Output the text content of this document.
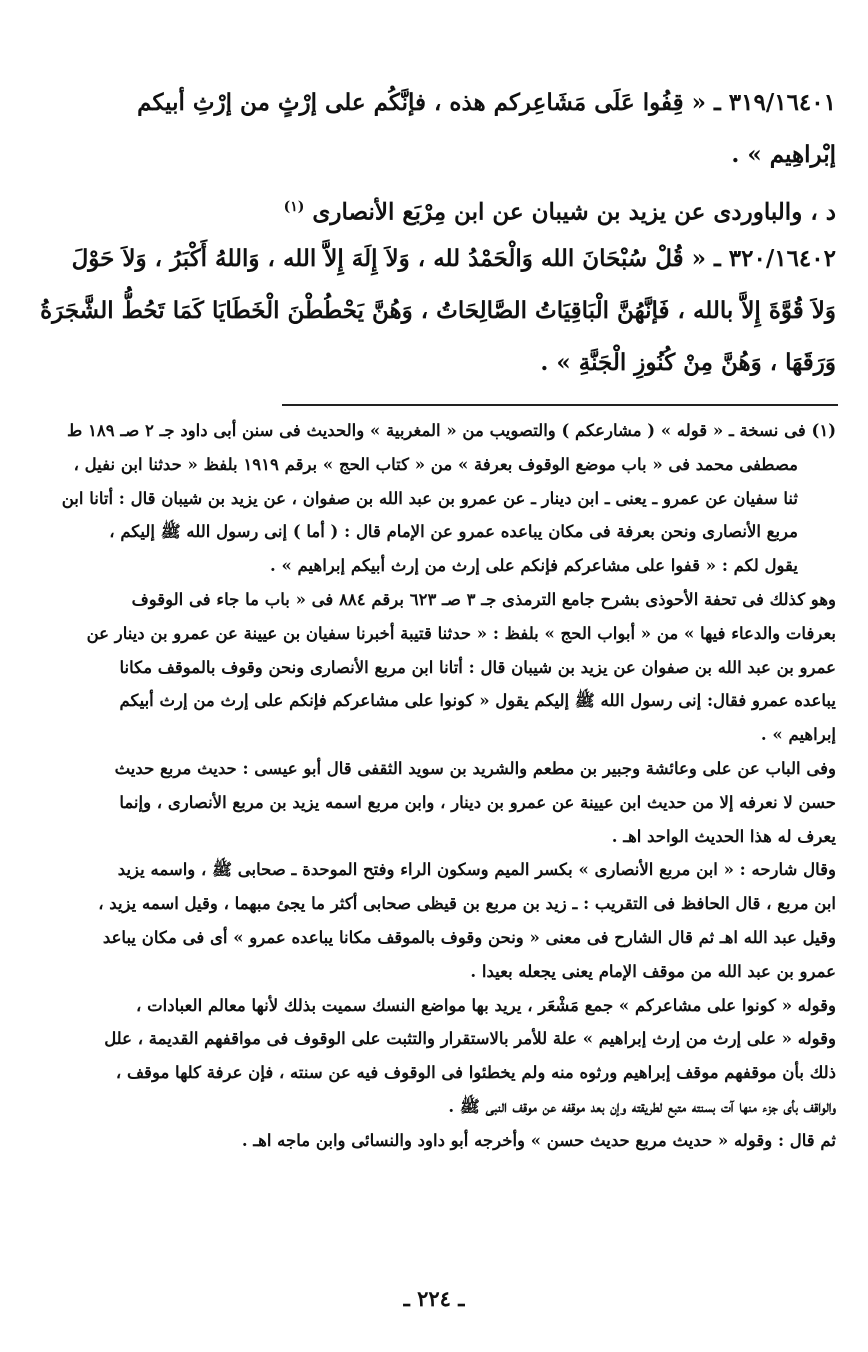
٣١٩/١٦٤٠١ ـ « قِفُوا عَلَى مَشَاعِركم هذه ، فإنَّكُم على إرْثٍ من إرْثِ أبيكم
إبْراهِيم » .
د ، والباوردى عن يزيد بن شيبان عن ابن مِرْبَع الأنصارى $^{(١)}$
٣٢٠/١٦٤٠٢ ـ « قُلْ سُبْحَانَ الله وَالْحَمْدُ لله ، وَلاَ إِلَهَ إِلاَّ الله ، وَاللهُ أَكْبَرُ ، وَلاَ حَوْلَ
وَلاَ قُوَّةَ إِلاَّ بالله ، فَإنَّهُنَّ الْبَاقِيَاتُ الصَّالِحَاتُ ، وَهُنَّ يَحْطُطْنَ الْخَطَايَا كَمَا تَحُطُّ الشَّجَرَةُ
وَرَقَهَا ، وَهُنَّ مِنْ كُنُوزِ الْجَنَّةِ » .
(١) فى نسخة ـ « قوله » ( مشارعكم ) والتصويب من « المغربية » والحديث فى سنن أبى داود جـ ٢ صـ ١٨٩ ط
مصطفى محمد فى « باب موضع الوقوف بعرفة » من « كتاب الحج » برقم ١٩١٩ بلفظ « حدثنا ابن نفيل ،
ثنا سفيان عن عمرو ـ يعنى ـ ابن دينار ـ عن عمرو بن عبد الله بن صفوان ، عن يزيد بن شيبان قال : أتانا ابن
مربع الأنصارى ونحن بعرفة فى مكان يباعده عمرو عن الإمام قال : ( أما ) إنى رسول الله ﷺ إليكم ،
يقول لكم : « قفوا على مشاعركم فإنكم على إرث من إرث أبيكم إبراهيم » .
وهو كذلك فى تحفة الأحوذى بشرح جامع الترمذى جـ ٣ صـ ٦٢٣ برقم ٨٨٤ فى « باب ما جاء فى الوقوف
بعرفات والدعاء فيها » من « أبواب الحج » بلفظ : « حدثنا قتيبة أخبرنا سفيان بن عيينة عن عمرو بن دينار عن
عمرو بن عبد الله بن صفوان عن يزيد بن شيبان قال : أتانا ابن مربع الأنصارى ونحن وقوف بالموقف مكانا
يباعده عمرو فقال: إنى رسول الله ﷺ إليكم يقول « كونوا على مشاعركم فإنكم على إرث من إرث أبيكم
إبراهيم » .
وفى الباب عن على وعائشة وجبير بن مطعم والشريد بن سويد الثقفى قال أبو عيسى : حديث مربع حديث
حسن لا نعرفه إلا من حديث ابن عيينة عن عمرو بن دينار ، وابن مربع اسمه يزيد بن مربع الأنصارى ، وإنما
يعرف له هذا الحديث الواحد اهـ .
وقال شارحه : « ابن مربع الأنصارى » بكسر الميم وسكون الراء وفتح الموحدة ـ صحابى ﷺ ، واسمه يزيد
ابن مربع ، قال الحافظ فى التقريب : ـ زيد بن مربع بن قيظى صحابى أكثر ما يجئ مبهما ، وقيل اسمه يزيد ،
وقيل عبد الله اهـ ثم قال الشارح فى معنى « ونحن وقوف بالموقف مكانا يباعده عمرو » أى فى مكان يباعد
عمرو بن عبد الله من موقف الإمام يعنى يجعله بعيدا .
وقوله « كونوا على مشاعركم » جمع مَشْعَر ، يريد بها مواضع النسك سميت بذلك لأنها معالم العبادات ،
وقوله « على إرث من إرث إبراهيم » علة للأمر بالاستقرار والتثبت على الوقوف فى مواقفهم القديمة ، علل
ذلك بأن موقفهم موقف إبراهيم ورثوه منه ولم يخطئوا فى الوقوف فيه عن سنته ، فإن عرفة كلها موقف ،
والواقف بأى جزء منها آت بسنته متبع لطريقته وإن بعد موقفه عن موقف النبى ﷺ .
ثم قال : وقوله « حديث مربع حديث حسن » وأخرجه أبو داود والنسائى وابن ماجه اهـ .
ـ ٢٢٤ ـ
